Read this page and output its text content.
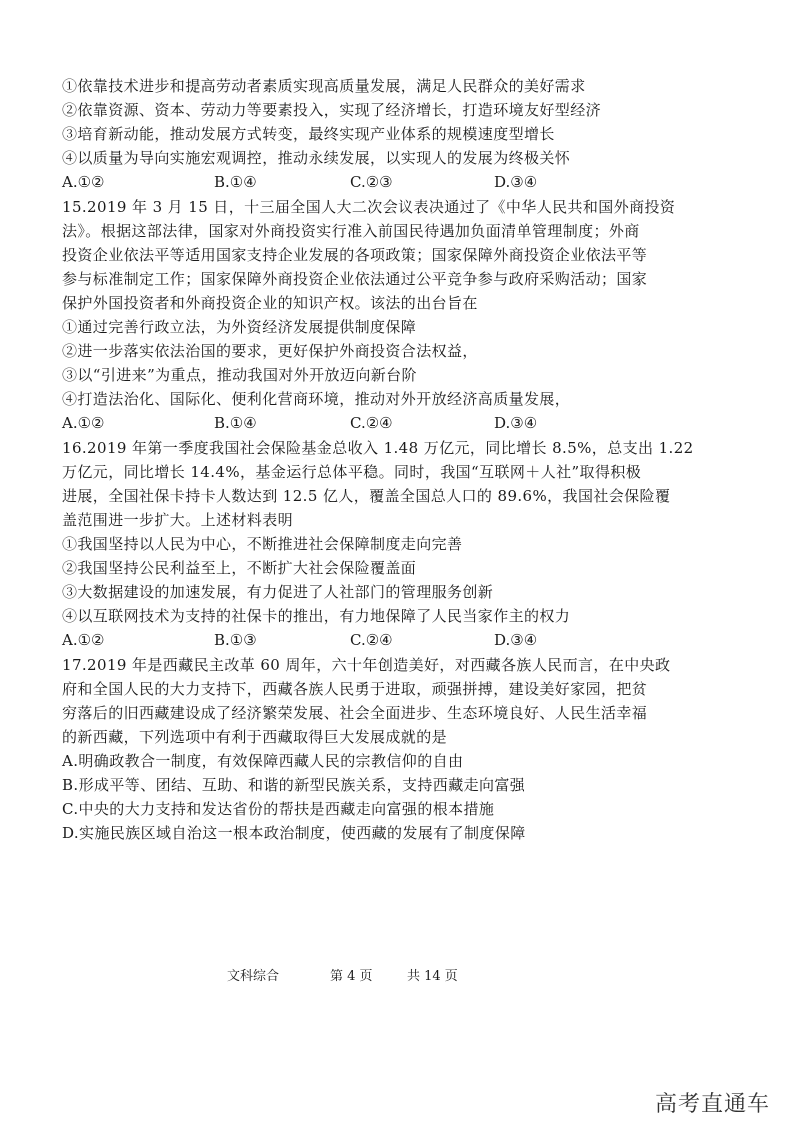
①依靠技术进步和提高劳动者素质实现高质量发展，满足人民群众的美好需求
②依靠资源、资本、劳动力等要素投入，实现了经济增长，打造环境友好型经济
③培育新动能，推动发展方式转变，最终实现产业体系的规模速度型增长
④以质量为导向实施宏观调控，推动永续发展，以实现人的发展为终极关怀
A.①②	B.①④	C.②③	D.③④
15.2019 年 3 月 15 日，十三届全国人大二次会议表决通过了《中华人民共和国外商投资
法》。根据这部法律，国家对外商投资实行准入前国民待遇加负面清单管理制度；外商
投资企业依法平等适用国家支持企业发展的各项政策；国家保障外商投资企业依法平等
参与标准制定工作；国家保障外商投资企业依法通过公平竞争参与政府采购活动；国家
保护外国投资者和外商投资企业的知识产权。该法的出台旨在
①通过完善行政立法，为外资经济发展提供制度保障
②进一步落实依法治国的要求，更好保护外商投资合法权益，
③以“引进来”为重点，推动我国对外开放迈向新台阶
④打造法治化、国际化、便利化营商环境，推动对外开放经济高质量发展，
A.①②	B.①④	C.②④	D.③④
16.2019 年第一季度我国社会保险基金总收入 1.48 万亿元，同比增长 8.5%，总支出 1.22
万亿元，同比增长 14.4%，基金运行总体平稳。同时，我国“互联网＋人社”取得积极
进展，全国社保卡持卡人数达到 12.5 亿人，覆盖全国总人口的 89.6%，我国社会保险覆
盖范围进一步扩大。上述材料表明
①我国坚持以人民为中心，不断推进社会保障制度走向完善
②我国坚持公民利益至上，不断扩大社会保险覆盖面
③大数据建设的加速发展，有力促进了人社部门的管理服务创新
④以互联网技术为支持的社保卡的推出，有力地保障了人民当家作主的权力
A.①②	B.①③	C.②④	D.③④
17.2019 年是西藏民主改革 60 周年，六十年创造美好，对西藏各族人民而言，在中央政
府和全国人民的大力支持下，西藏各族人民勇于进取，顽强拼搏，建设美好家园，把贫
穷落后的旧西藏建设成了经济繁荣发展、社会全面进步、生态环境良好、人民生活幸福
的新西藏，下列选项中有利于西藏取得巨大发展成就的是
A.明确政教合一制度，有效保障西藏人民的宗教信仰的自由
B.形成平等、团结、互助、和谐的新型民族关系，支持西藏走向富强
C.中央的大力支持和发达省份的帮扶是西藏走向富强的根本措施
D.实施民族区域自治这一根本政治制度，使西藏的发展有了制度保障
文科综合	第 4 页	共 14 页
高考直通车
